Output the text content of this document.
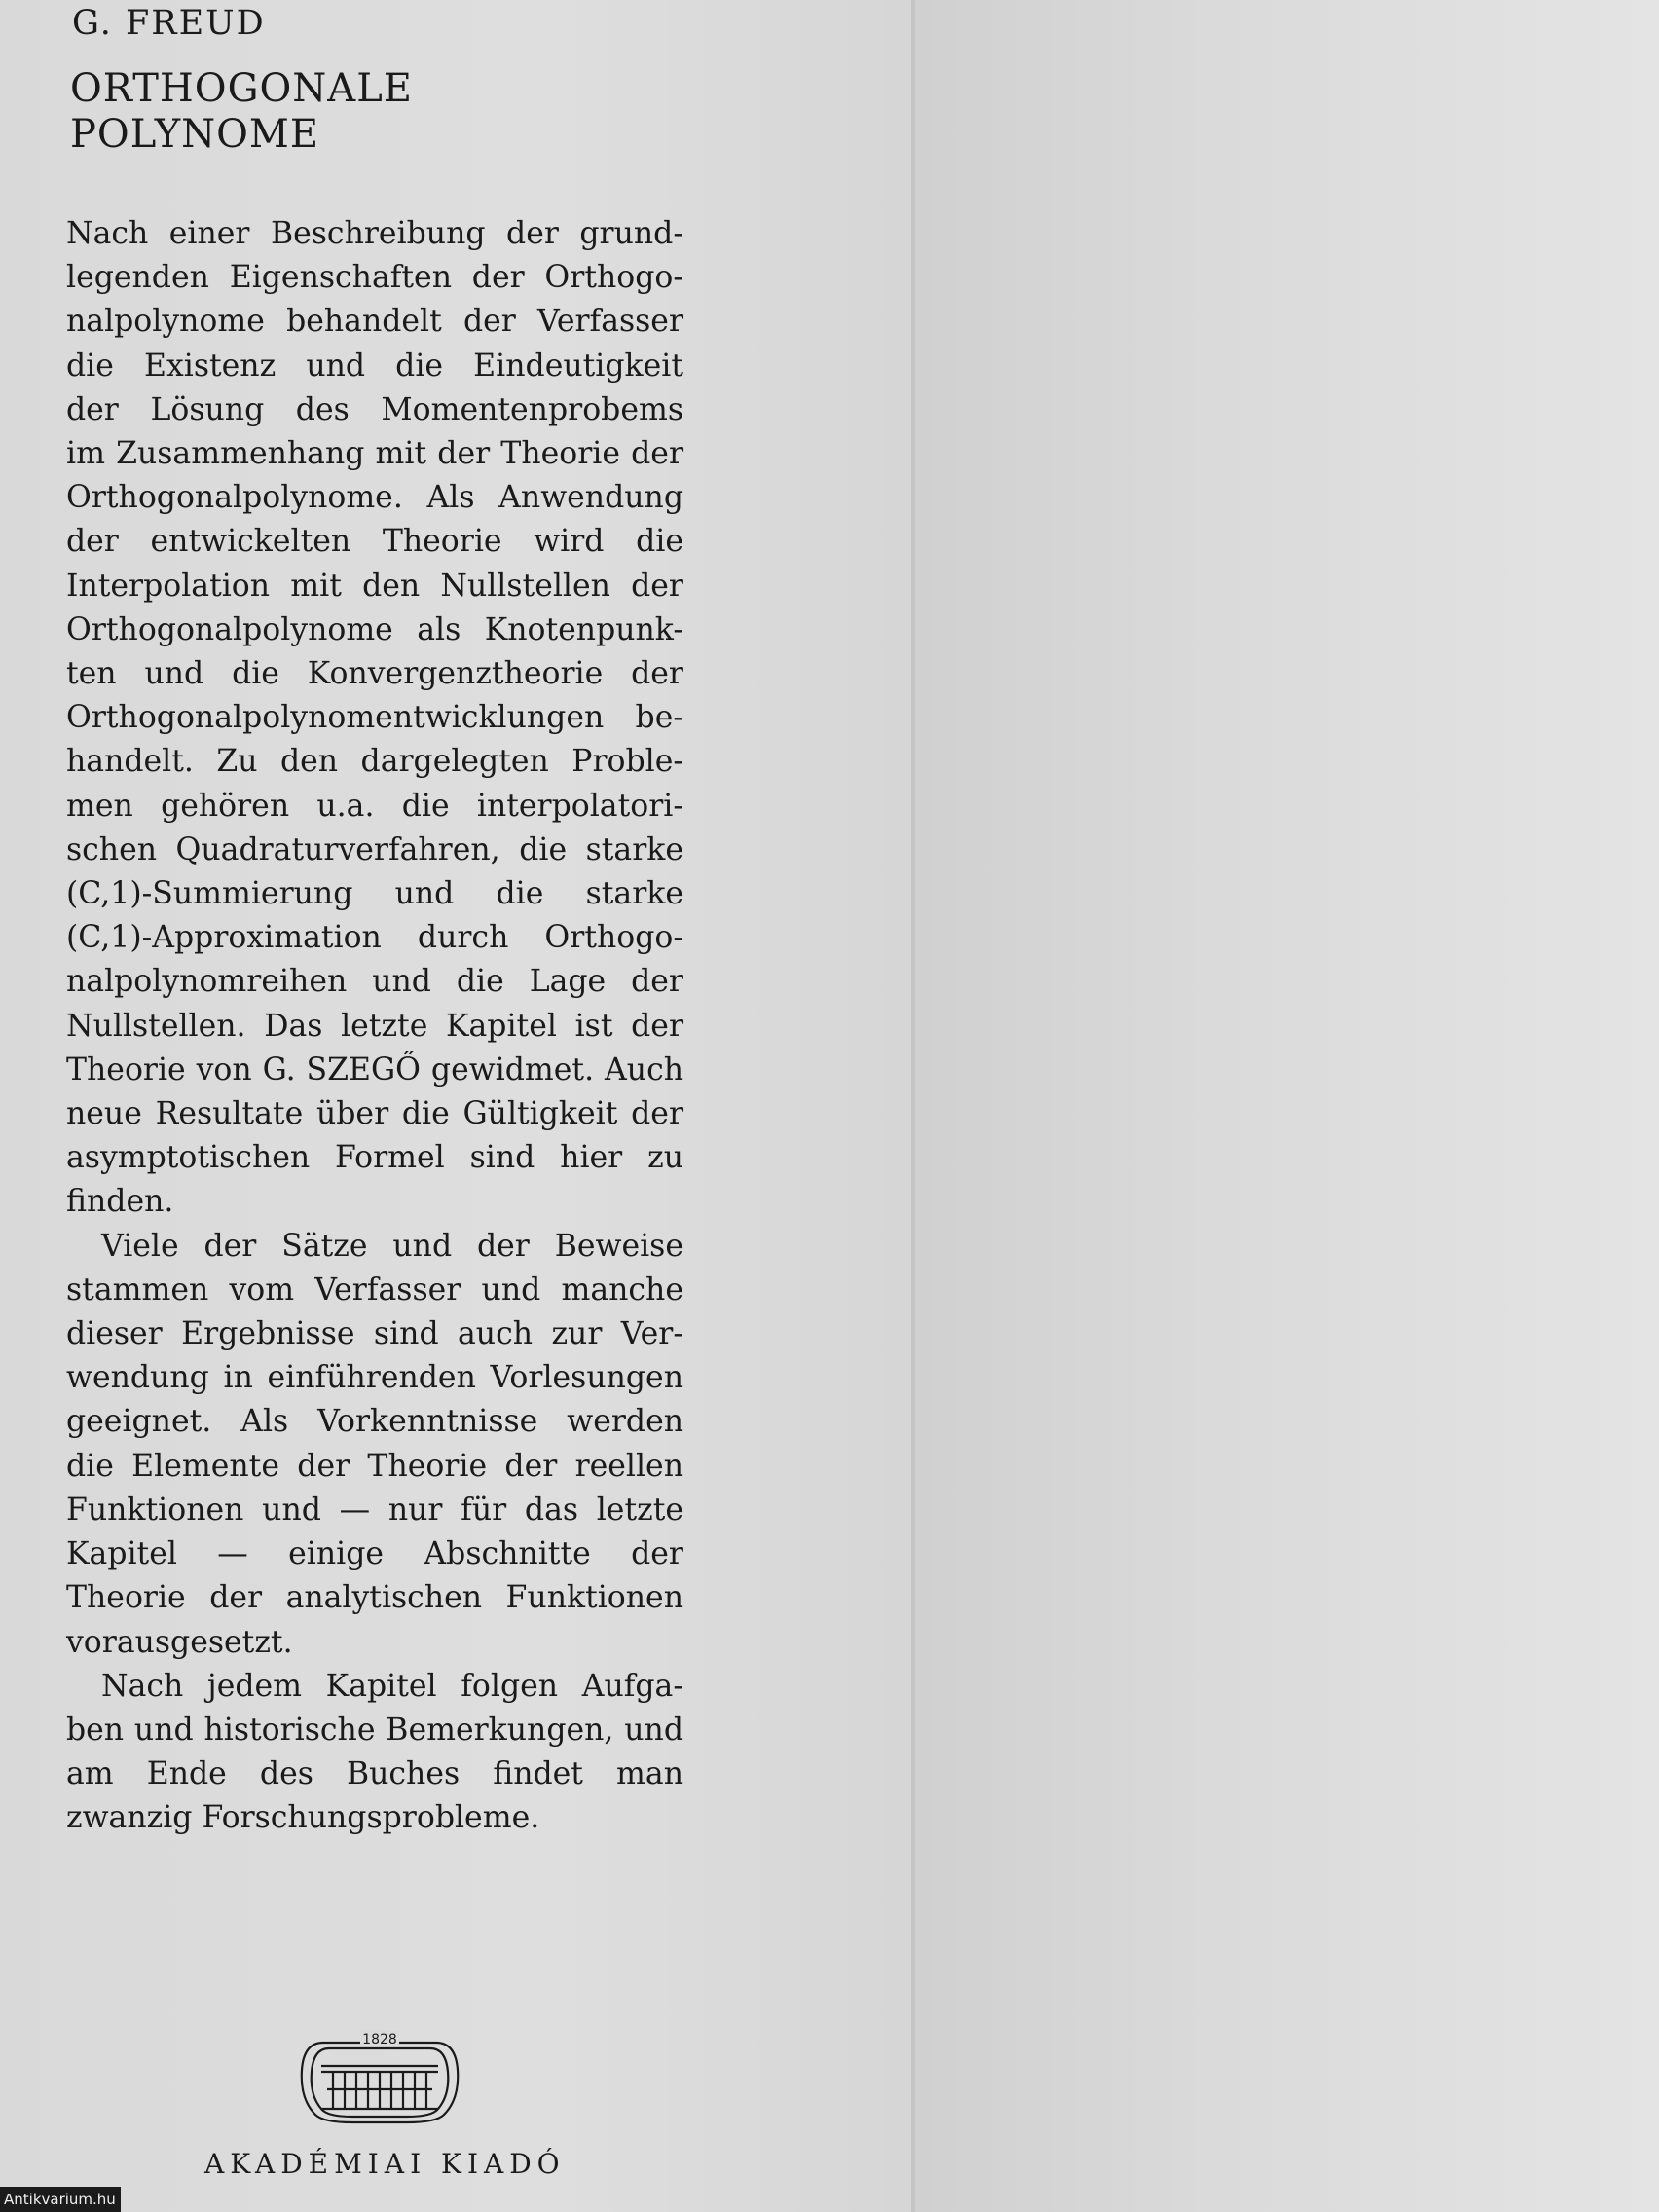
G. FREUD
ORTHOGONALE
POLYNOME

Nach einer Beschreibung der grund-
legenden Eigenschaften der Orthogo-
nalpolynome behandelt der Verfasser
die Existenz und die Eindeutigkeit
der Lösung des Momentenprobems
im Zusammenhang mit der Theorie der
Orthogonalpolynome. Als Anwendung
der entwickelten Theorie wird die
Interpolation mit den Nullstellen der
Orthogonalpolynome als Knotenpunk-
ten und die Konvergenztheorie der
Orthogonalpolynomentwicklungen be-
handelt. Zu den dargelegten Proble-
men gehören u.a. die interpolatori-
schen Quadraturverfahren, die starke
(C,1)-Summierung und die starke
(C,1)-Approximation durch Orthogo-
nalpolynomreihen und die Lage der
Nullstellen. Das letzte Kapitel ist der
Theorie von G. SZEGŐ gewidmet. Auch
neue Resultate über die Gültigkeit der
asymptotischen Formel sind hier zu
finden.

Viele der Sätze und der Beweise
stammen vom Verfasser und manche
dieser Ergebnisse sind auch zur Ver-
wendung in einführenden Vorlesungen
geeignet. Als Vorkenntnisse werden
die Elemente der Theorie der reellen
Funktionen und — nur für das letzte
Kapitel — einige Abschnitte der
Theorie der analytischen Funktionen
vorausgesetzt.

Nach jedem Kapitel folgen Aufga-
ben und historische Bemerkungen, und
am Ende des Buches findet man
zwanzig Forschungsprobleme.

1828

AKADÉMIAI KIADÓ

Antikvarium.hu
